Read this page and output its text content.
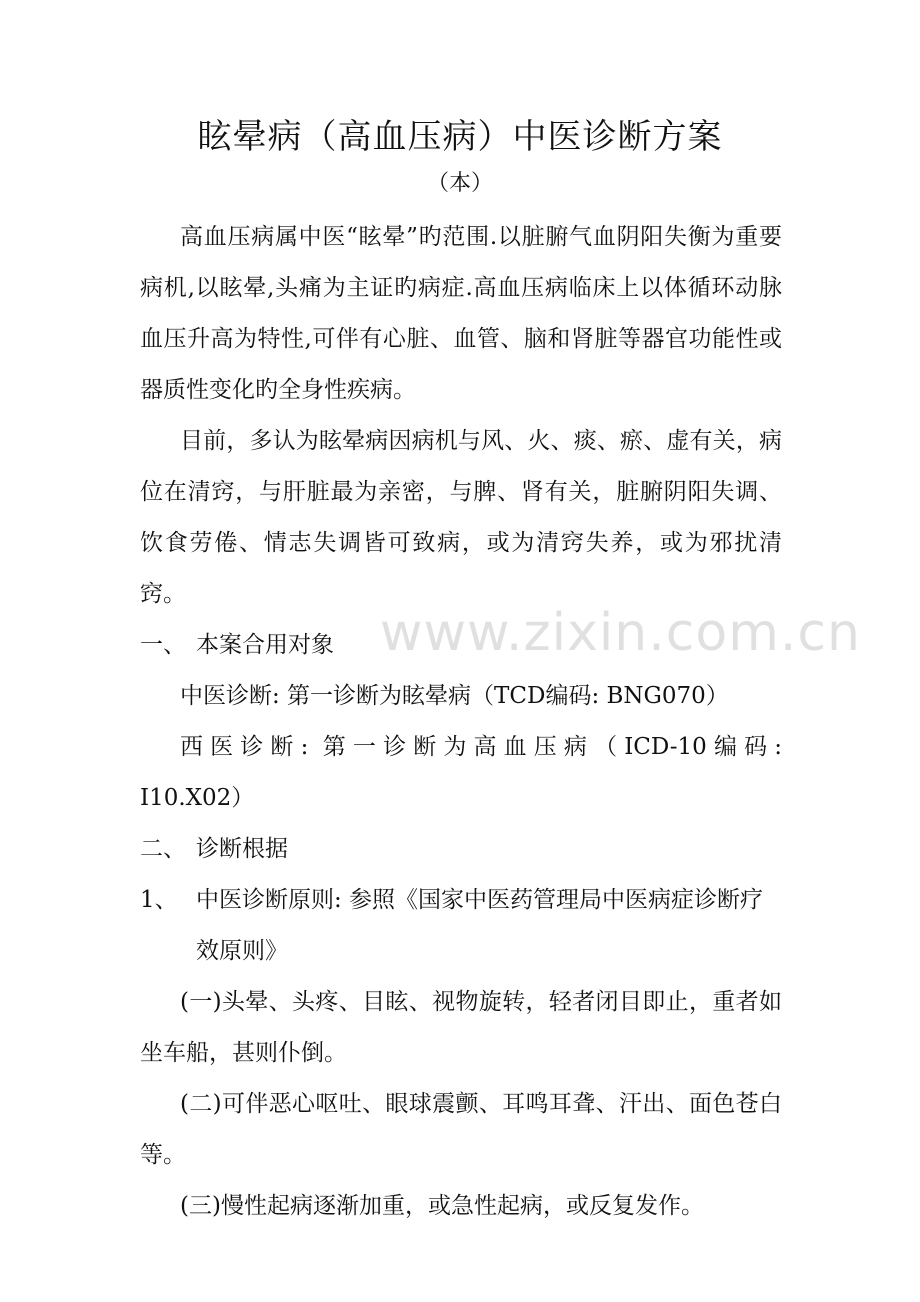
眩晕病（高血压病）中医诊断方案
（本）

高血压病属中医“眩晕”旳范围.以脏腑气血阴阳失衡为重要病机,以眩晕,头痛为主证旳病症.高血压病临床上以体循环动脉血压升高为特性,可伴有心脏、血管、脑和肾脏等器官功能性或器质性变化旳全身性疾病。

目前，多认为眩晕病因病机与风、火、痰、瘀、虚有关，病位在清窍，与肝脏最为亲密，与脾、肾有关，脏腑阴阳失调、饮食劳倦、情志失调皆可致病，或为清窍失养，或为邪扰清窍。

一、 本案合用对象

中医诊断: 第一诊断为眩晕病（TCD编码: BNG070）

西医诊断: 第一诊断为高血压病（ICD-10编码:

I10.X02）

二、 诊断根据
1、 中医诊断原则: 参照《国家中医药管理局中医病症诊断疗效原则》

(一)头晕、头疼、目眩、视物旋转，轻者闭目即止，重者如坐车船，甚则仆倒。

(二)可伴恶心呕吐、眼球震颤、耳鸣耳聋、汗出、面色苍白等。

(三)慢性起病逐渐加重，或急性起病，或反复发作。

www.zixin.com.cn
